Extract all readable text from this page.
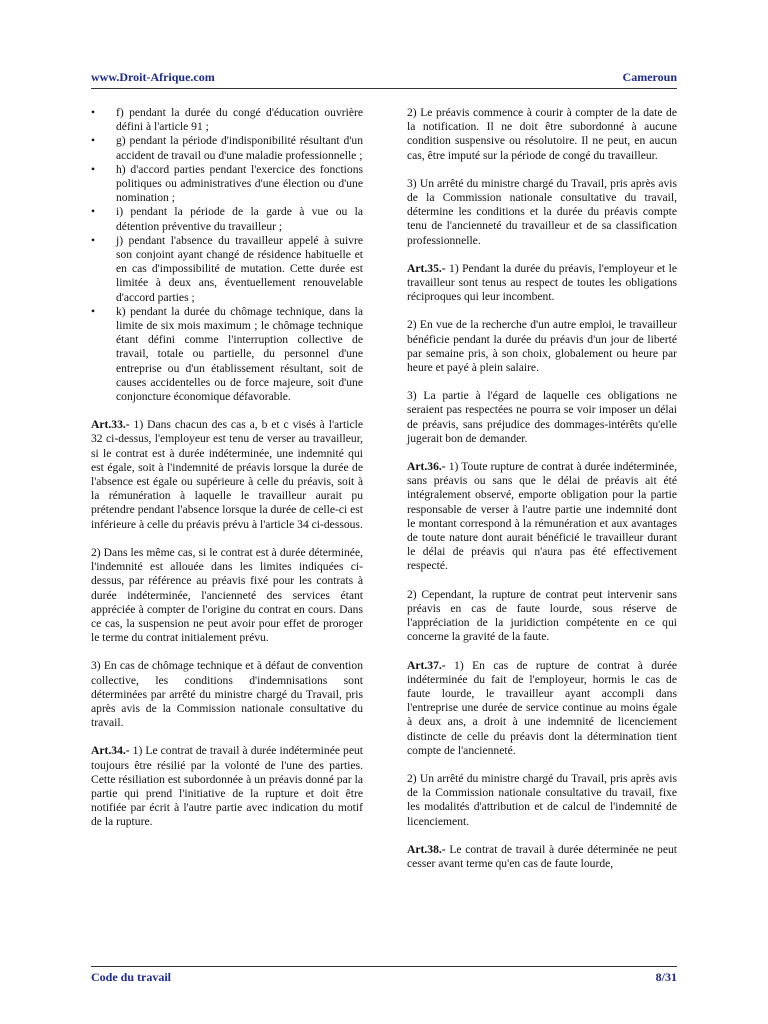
www.Droit-Afrique.com	Cameroun
• f) pendant la durée du congé d'éducation ouvrière défini à l'article 91 ;
• g) pendant la période d'indisponibilité résultant d'un accident de travail ou d'une maladie professionnelle ;
• h) d'accord parties pendant l'exercice des fonctions politiques ou administratives d'une élection ou d'une nomination ;
• i) pendant la période de la garde à vue ou la détention préventive du travailleur ;
• j) pendant l'absence du travailleur appelé à suivre son conjoint ayant changé de résidence habituelle et en cas d'impossibilité de mutation. Cette durée est limitée à deux ans, éventuellement renouvelable d'accord parties ;
• k) pendant la durée du chômage technique, dans la limite de six mois maximum ; le chômage technique étant défini comme l'interruption collective de travail, totale ou partielle, du personnel d'une entreprise ou d'un établissement résultant, soit de causes accidentelles ou de force majeure, soit d'une conjoncture économique défavorable.

Art.33.- 1) Dans chacun des cas a, b et c visés à l'article 32 ci-dessus, l'employeur est tenu de verser au travailleur, si le contrat est à durée indéterminée, une indemnité qui est égale, soit à l'indemnité de préavis lorsque la durée de l'absence est égale ou supérieure à celle du préavis, soit à la rémunération à laquelle le travailleur aurait pu prétendre pendant l'absence lorsque la durée de celle-ci est inférieure à celle du préavis prévu à l'article 34 ci-dessous.

2) Dans les même cas, si le contrat est à durée déterminée, l'indemnité est allouée dans les limites indiquées ci-dessus, par référence au préavis fixé pour les contrats à durée indéterminée, l'ancienneté des services étant appréciée à compter de l'origine du contrat en cours. Dans ce cas, la suspension ne peut avoir pour effet de proroger le terme du contrat initialement prévu.

3) En cas de chômage technique et à défaut de convention collective, les conditions d'indemnisations sont déterminées par arrêté du ministre chargé du Travail, pris après avis de la Commission nationale consultative du travail.

Art.34.- 1) Le contrat de travail à durée indéterminée peut toujours être résilié par la volonté de l'une des parties. Cette résiliation est subordonnée à un préavis donné par la partie qui prend l'initiative de la rupture et doit être notifiée par écrit à l'autre partie avec indication du motif de la rupture.

2) Le préavis commence à courir à compter de la date de la notification. Il ne doit être subordonné à aucune condition suspensive ou résolutoire. Il ne peut, en aucun cas, être imputé sur la période de congé du travailleur.

3) Un arrêté du ministre chargé du Travail, pris après avis de la Commission nationale consultative du travail, détermine les conditions et la durée du préavis compte tenu de l'ancienneté du travailleur et de sa classification professionnelle.

Art.35.- 1) Pendant la durée du préavis, l'employeur et le travailleur sont tenus au respect de toutes les obligations réciproques qui leur incombent.

2) En vue de la recherche d'un autre emploi, le travailleur bénéficie pendant la durée du préavis d'un jour de liberté par semaine pris, à son choix, globalement ou heure par heure et payé à plein salaire.

3) La partie à l'égard de laquelle ces obligations ne seraient pas respectées ne pourra se voir imposer un délai de préavis, sans préjudice des dommages-intérêts qu'elle jugerait bon de demander.

Art.36.- 1) Toute rupture de contrat à durée indéterminée, sans préavis ou sans que le délai de préavis ait été intégralement observé, emporte obligation pour la partie responsable de verser à l'autre partie une indemnité dont le montant correspond à la rémunération et aux avantages de toute nature dont aurait bénéficié le travailleur durant le délai de préavis qui n'aura pas été effectivement respecté.

2) Cependant, la rupture de contrat peut intervenir sans préavis en cas de faute lourde, sous réserve de l'appréciation de la juridiction compétente en ce qui concerne la gravité de la faute.

Art.37.- 1) En cas de rupture de contrat à durée indéterminée du fait de l'employeur, hormis le cas de faute lourde, le travailleur ayant accompli dans l'entreprise une durée de service continue au moins égale à deux ans, a droit à une indemnité de licenciement distincte de celle du préavis dont la détermination tient compte de l'ancienneté.

2) Un arrêté du ministre chargé du Travail, pris après avis de la Commission nationale consultative du travail, fixe les modalités d'attribution et de calcul de l'indemnité de licenciement.

Art.38.- Le contrat de travail à durée déterminée ne peut cesser avant terme qu'en cas de faute lourde,

Code du travail	8/31
